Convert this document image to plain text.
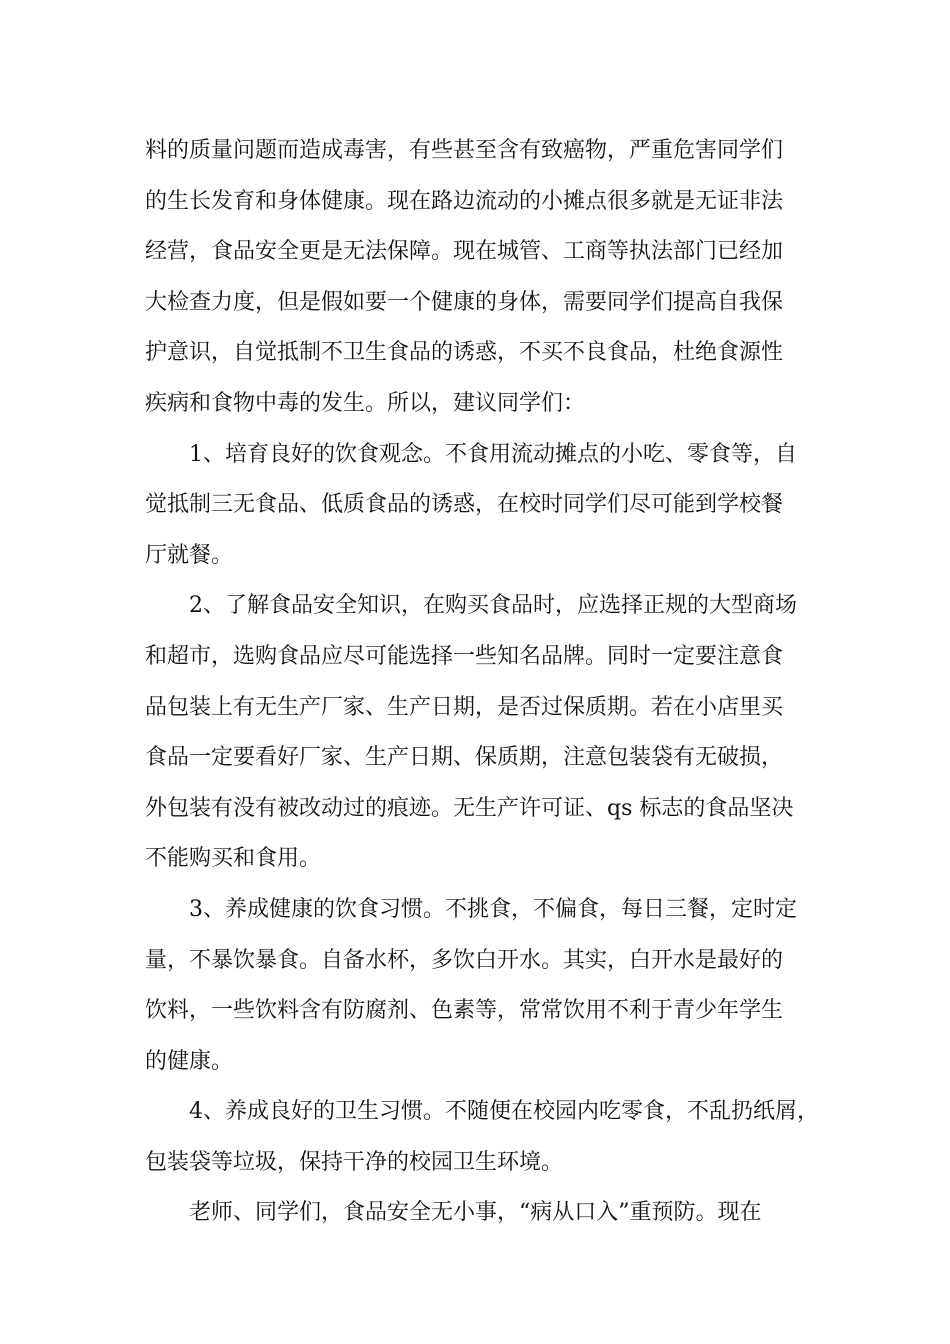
料的质量问题而造成毒害，有些甚至含有致癌物，严重危害同学们
的生长发育和身体健康。现在路边流动的小摊点很多就是无证非法
经营，食品安全更是无法保障。现在城管、工商等执法部门已经加
大检查力度，但是假如要一个健康的身体，需要同学们提高自我保
护意识，自觉抵制不卫生食品的诱惑，不买不良食品，杜绝食源性
疾病和食物中毒的发生。所以，建议同学们：
1、培育良好的饮食观念。不食用流动摊点的小吃、零食等，自
觉抵制三无食品、低质食品的诱惑，在校时同学们尽可能到学校餐
厅就餐。
2、了解食品安全知识，在购买食品时，应选择正规的大型商场
和超市，选购食品应尽可能选择一些知名品牌。同时一定要注意食
品包装上有无生产厂家、生产日期，是否过保质期。若在小店里买
食品一定要看好厂家、生产日期、保质期，注意包装袋有无破损，
外包装有没有被改动过的痕迹。无生产许可证、qs 标志的食品坚决
不能购买和食用。
3、养成健康的饮食习惯。不挑食，不偏食，每日三餐，定时定
量，不暴饮暴食。自备水杯，多饮白开水。其实，白开水是最好的
饮料，一些饮料含有防腐剂、色素等，常常饮用不利于青少年学生
的健康。
4、养成良好的卫生习惯。不随便在校园内吃零食，不乱扔纸屑，
包装袋等垃圾，保持干净的校园卫生环境。
老师、同学们，食品安全无小事，“病从口入”重预防。现在
